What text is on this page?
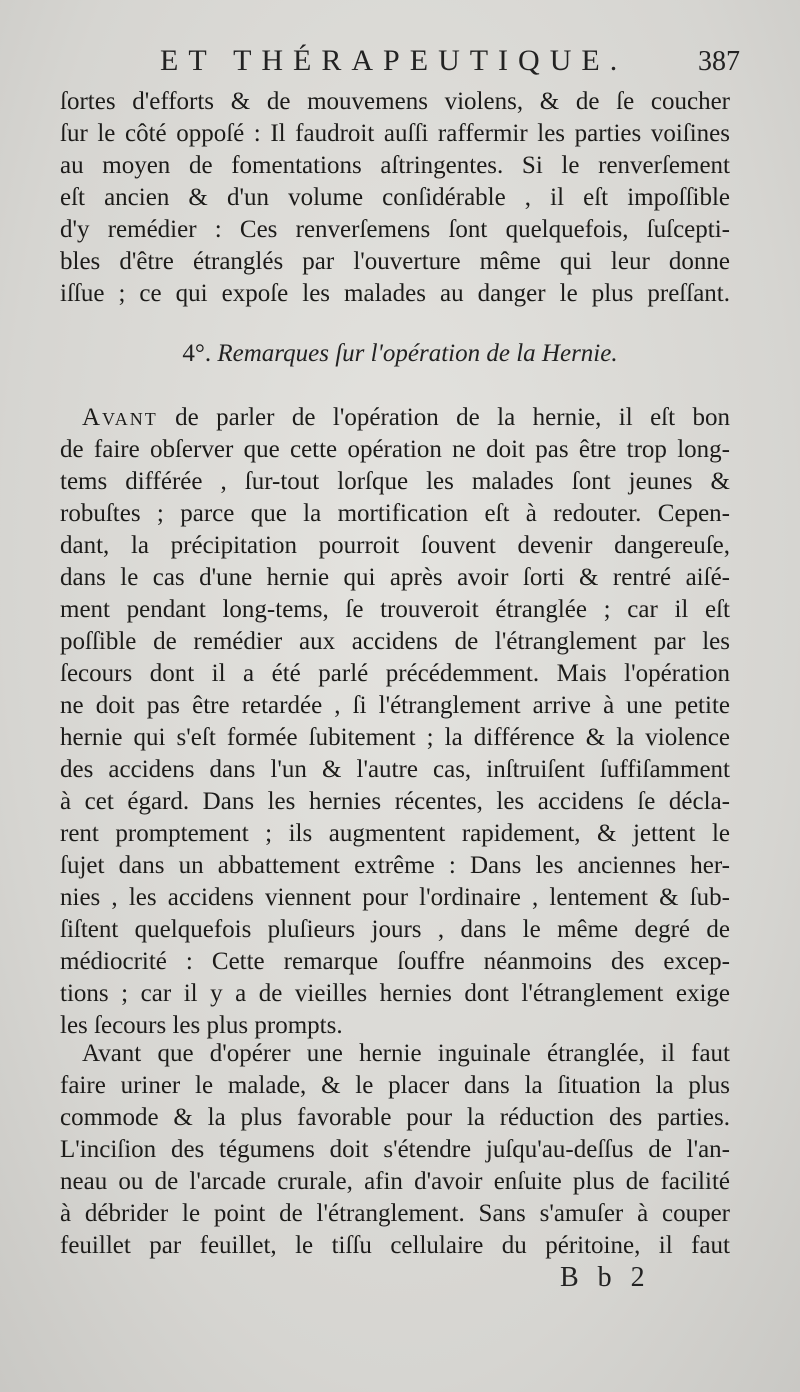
ET THÉRAPEUTIQUE.	387
ſortes d'efforts & de mouvemens violens, & de ſe coucher
ſur le côté oppoſé : Il faudroit auſſi raffermir les parties voiſines
au moyen de fomentations aſtringentes. Si le renverſement
eſt ancien & d'un volume conſidérable , il eſt impoſſible
d'y remédier : Ces renverſemens ſont quelquefois, ſuſcepti-
bles d'être étranglés par l'ouverture même qui leur donne
iſſue ; ce qui expoſe les malades au danger le plus preſſant.
4°. Remarques ſur l'opération de la Hernie.
Avant de parler de l'opération de la hernie, il eſt bon
de faire obſerver que cette opération ne doit pas être trop long-
tems différée , ſur-tout lorſque les malades ſont jeunes &
robuſtes ; parce que la mortification eſt à redouter. Cepen-
dant, la précipitation pourroit ſouvent devenir dangereuſe,
dans le cas d'une hernie qui après avoir ſorti & rentré aiſé-
ment pendant long-tems, ſe trouveroit étranglée ; car il eſt
poſſible de remédier aux accidens de l'étranglement par les
ſecours dont il a été parlé précédemment. Mais l'opération
ne doit pas être retardée , ſi l'étranglement arrive à une petite
hernie qui s'eſt formée ſubitement ; la différence & la violence
des accidens dans l'un & l'autre cas, inſtruiſent ſuffiſamment
à cet égard. Dans les hernies récentes, les accidens ſe décla-
rent promptement ; ils augmentent rapidement, & jettent le
ſujet dans un abbattement extrême : Dans les anciennes her-
nies , les accidens viennent pour l'ordinaire , lentement & ſub-
ſiſtent quelquefois pluſieurs jours , dans le même degré de
médiocrité : Cette remarque ſouffre néanmoins des excep-
tions ; car il y a de vieilles hernies dont l'étranglement exige
les ſecours les plus prompts.
Avant que d'opérer une hernie inguinale étranglée, il faut
faire uriner le malade, & le placer dans la ſituation la plus
commode & la plus favorable pour la réduction des parties.
L'inciſion des tégumens doit s'étendre juſqu'au-deſſus de l'an-
neau ou de l'arcade crurale, afin d'avoir enſuite plus de facilité
à débrider le point de l'étranglement. Sans s'amuſer à couper
feuillet par feuillet, le tiſſu cellulaire du péritoine, il faut
B b 2
